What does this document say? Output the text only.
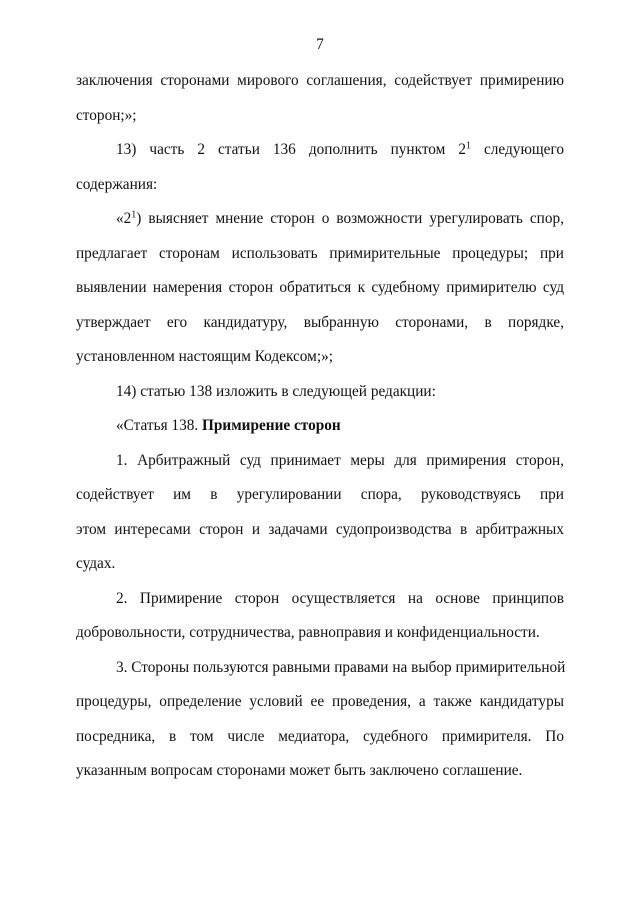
7
заключения сторонами мирового соглашения, содействует примирению
сторон;»;
13) часть 2 статьи 136 дополнить пунктом $2^1$ следующего
содержания:
«$2^1$) выясняет мнение сторон о возможности урегулировать спор,
предлагает сторонам использовать примирительные процедуры; при
выявлении намерения сторон обратиться к судебному примирителю суд
утверждает его кандидатуру, выбранную сторонами, в порядке,
установленном настоящим Кодексом;»;
14) статью 138 изложить в следующей редакции:
«Статья 138. Примирение сторон
1. Арбитражный суд принимает меры для примирения сторон,
содействует им в урегулировании спора, руководствуясь при
этом интересами сторон и задачами судопроизводства в арбитражных
судах.
2. Примирение сторон осуществляется на основе принципов
добровольности, сотрудничества, равноправия и конфиденциальности.
3. Стороны пользуются равными правами на выбор примирительной
процедуры, определение условий ее проведения, а также кандидатуры
посредника, в том числе медиатора, судебного примирителя. По
указанным вопросам сторонами может быть заключено соглашение.
